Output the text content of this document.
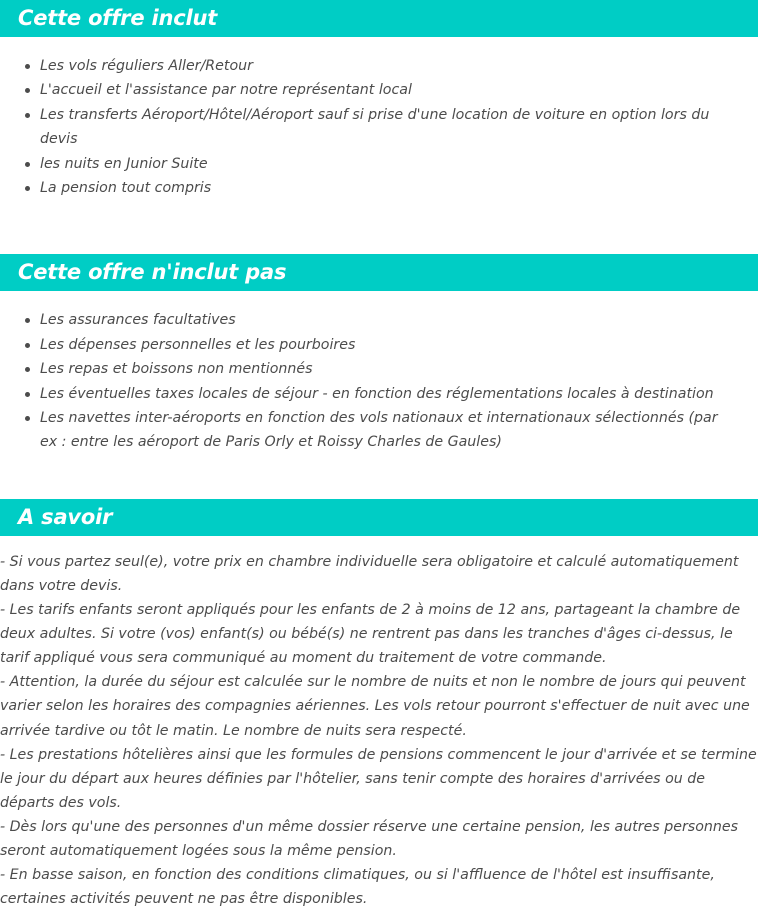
Cette offre inclut
Les vols réguliers Aller/Retour
L'accueil et l'assistance par notre représentant local
Les transferts Aéroport/Hôtel/Aéroport sauf si prise d'une location de voiture en option lors du devis
les nuits en Junior Suite
La pension tout compris
Cette offre n'inclut pas
Les assurances facultatives
Les dépenses personnelles et les pourboires
Les repas et boissons non mentionnés
Les éventuelles taxes locales de séjour - en fonction des réglementations locales à destination
Les navettes inter-aéroports en fonction des vols nationaux et internationaux sélectionnés (par ex : entre les aéroport de Paris Orly et Roissy Charles de Gaules)
A savoir

- Si vous partez seul(e), votre prix en chambre individuelle sera obligatoire et calculé automatiquement dans votre devis.

- Les tarifs enfants seront appliqués pour les enfants de 2 à moins de 12 ans, partageant la chambre de deux adultes. Si votre (vos) enfant(s) ou bébé(s) ne rentrent pas dans les tranches d'âges ci-dessus, le tarif appliqué vous sera communiqué au moment du traitement de votre commande.

- Attention, la durée du séjour est calculée sur le nombre de nuits et non le nombre de jours qui peuvent varier selon les horaires des compagnies aériennes. Les vols retour pourront s'effectuer de nuit avec une arrivée tardive ou tôt le matin. Le nombre de nuits sera respecté.

- Les prestations hôtelières ainsi que les formules de pensions commencent le jour d'arrivée et se termine le jour du départ aux heures définies par l'hôtelier, sans tenir compte des horaires d'arrivées ou de départs des vols.

- Dès lors qu'une des personnes d'un même dossier réserve une certaine pension, les autres personnes seront automatiquement logées sous la même pension.

- En basse saison, en fonction des conditions climatiques, ou si l'affluence de l'hôtel est insuffisante, certaines activités peuvent ne pas être disponibles.
